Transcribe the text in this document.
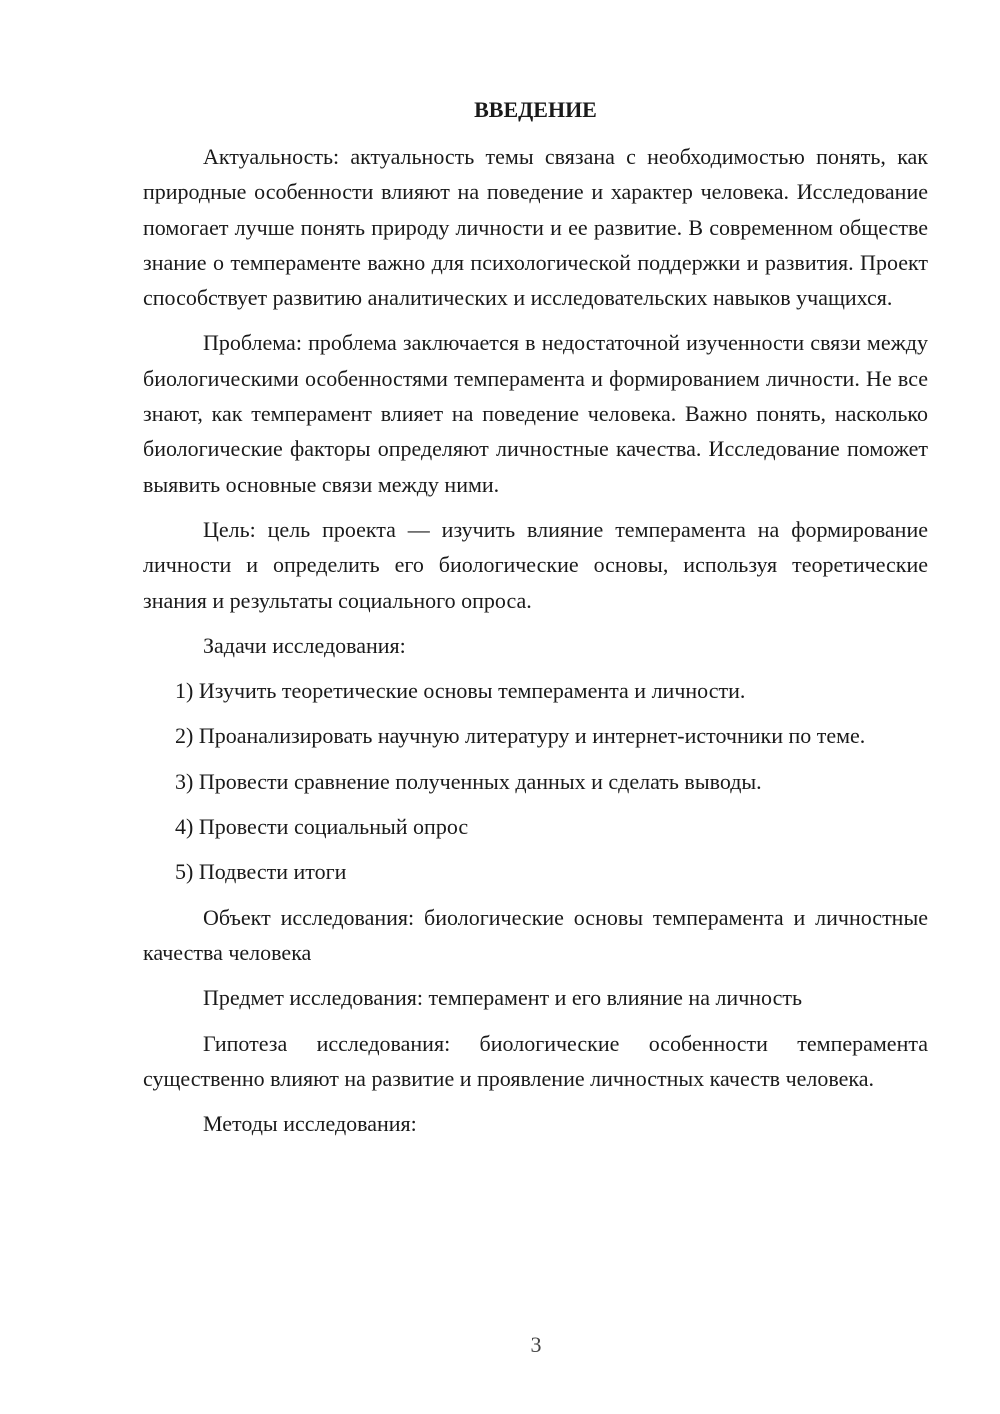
ВВЕДЕНИЕ

Актуальность: актуальность темы связана с необходимостью понять, как природные особенности влияют на поведение и характер человека. Исследование помогает лучше понять природу личности и ее развитие. В современном обществе знание о темпераменте важно для психологической поддержки и развития. Проект способствует развитию аналитических и исследовательских навыков учащихся.

Проблема: проблема заключается в недостаточной изученности связи между биологическими особенностями темперамента и формированием личности. Не все знают, как темперамент влияет на поведение человека. Важно понять, насколько биологические факторы определяют личностные качества. Исследование поможет выявить основные связи между ними.

Цель: цель проекта — изучить влияние темперамента на формирование личности и определить его биологические основы, используя теоретические знания и результаты социального опроса.

Задачи исследования:

1) Изучить теоретические основы темперамента и личности.

2) Проанализировать научную литературу и интернет-источники по теме.

3) Провести сравнение полученных данных и сделать выводы.

4) Провести социальный опрос

5) Подвести итоги

Объект исследования: биологические основы темперамента и личностные качества человека

Предмет исследования: темперамент и его влияние на личность

Гипотеза исследования: биологические особенности темперамента существенно влияют на развитие и проявление личностных качеств человека.

Методы исследования:

3
